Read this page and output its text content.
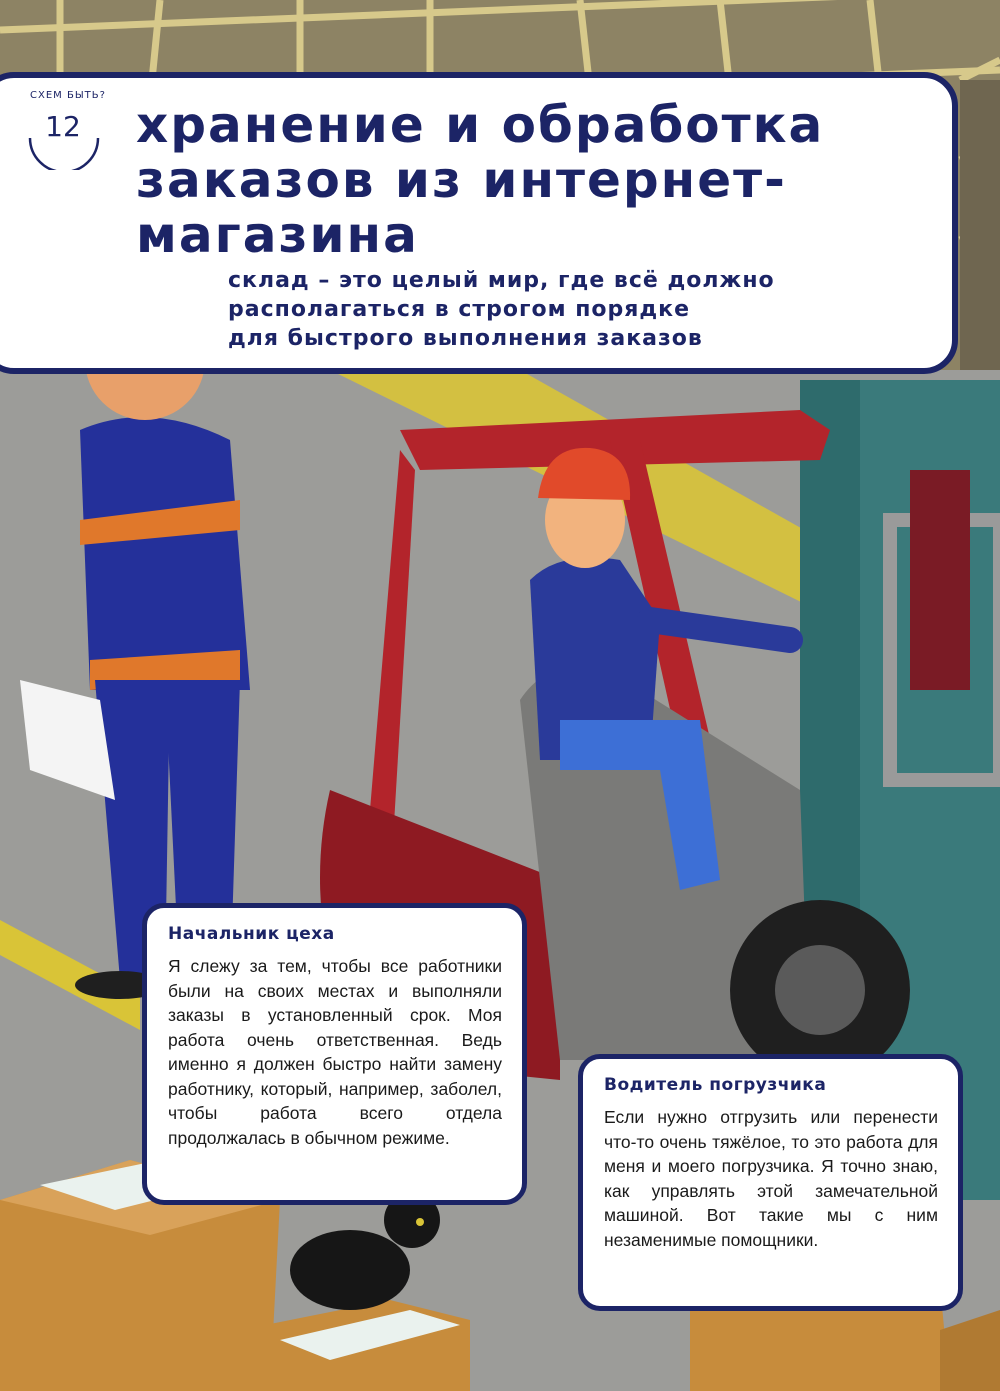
СХЕМ БЫТЬ?
12 хранение и обработка
заказов из интернет-
магазина
склад – это целый мир, где всё должно
располагаться в строгом порядке
для быстрого выполнения заказов
Начальник цеха

Я слежу за тем, чтобы все работники были на своих местах и выполняли заказы в установленный срок. Моя работа очень ответственная. Ведь именно я должен быстро найти замену работнику, который, например, заболел, чтобы работа всего отдела продолжалась в обычном режиме.

Водитель погрузчика

Если нужно отгрузить или перенести что-то очень тяжёлое, то это работа для меня и моего погрузчика. Я точно знаю, как управлять этой замечательной машиной. Вот такие мы с ним незаменимые помощники.
